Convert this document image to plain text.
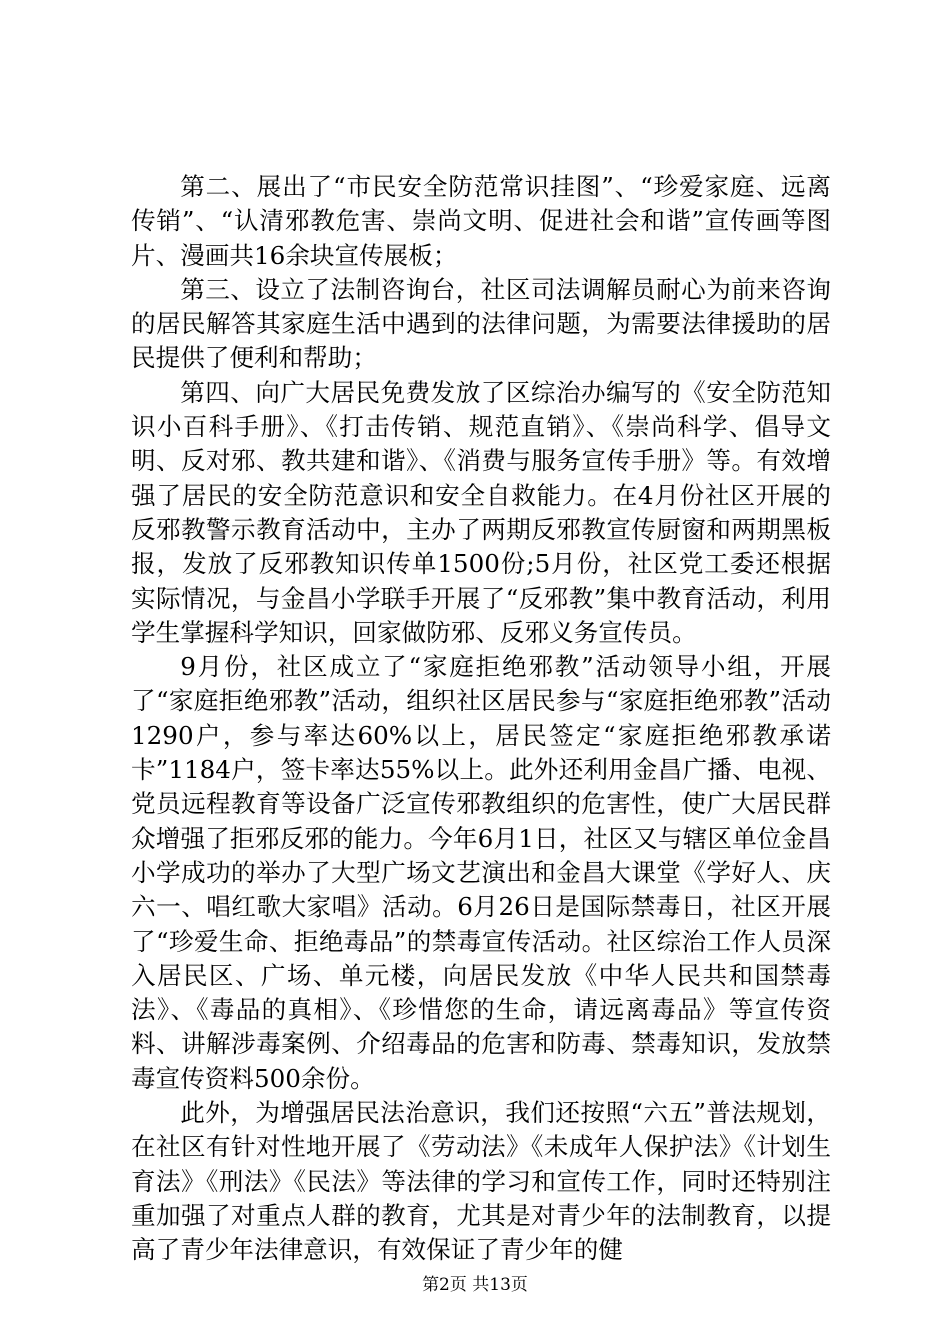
第二、展出了“市民安全防范常识挂图”、“珍爱家庭、远离传销”、“认清邪教危害、崇尚文明、促进社会和谐”宣传画等图片、漫画共16余块宣传展板；

第三、设立了法制咨询台，社区司法调解员耐心为前来咨询的居民解答其家庭生活中遇到的法律问题，为需要法律援助的居民提供了便利和帮助；

第四、向广大居民免费发放了区综治办编写的《安全防范知识小百科手册》、《打击传销、规范直销》、《崇尚科学、倡导文明、反对邪、教共建和谐》、《消费与服务宣传手册》等。有效增强了居民的安全防范意识和安全自救能力。在4月份社区开展的反邪教警示教育活动中，主办了两期反邪教宣传厨窗和两期黑板报，发放了反邪教知识传单1500份;5月份，社区党工委还根据实际情况，与金昌小学联手开展了“反邪教”集中教育活动，利用学生掌握科学知识，回家做防邪、反邪义务宣传员。

9月份，社区成立了“家庭拒绝邪教”活动领导小组，开展了“家庭拒绝邪教”活动，组织社区居民参与“家庭拒绝邪教”活动1290户，参与率达60%以上，居民签定“家庭拒绝邪教承诺卡”1184户，签卡率达55%以上。此外还利用金昌广播、电视、党员远程教育等设备广泛宣传邪教组织的危害性，使广大居民群众增强了拒邪反邪的能力。今年6月1日，社区又与辖区单位金昌小学成功的举办了大型广场文艺演出和金昌大课堂《学好人、庆六一、唱红歌大家唱》活动。6月26日是国际禁毒日，社区开展了“珍爱生命、拒绝毒品”的禁毒宣传活动。社区综治工作人员深入居民区、广场、单元楼，向居民发放《中华人民共和国禁毒法》、《毒品的真相》、《珍惜您的生命，请远离毒品》等宣传资料、讲解涉毒案例、介绍毒品的危害和防毒、禁毒知识，发放禁毒宣传资料500余份。

此外，为增强居民法治意识，我们还按照“六五”普法规划，在社区有针对性地开展了《劳动法》《未成年人保护法》《计划生育法》《刑法》《民法》等法律的学习和宣传工作，同时还特别注重加强了对重点人群的教育，尤其是对青少年的法制教育，以提高了青少年法律意识，有效保证了青少年的健

第2页 共13页
